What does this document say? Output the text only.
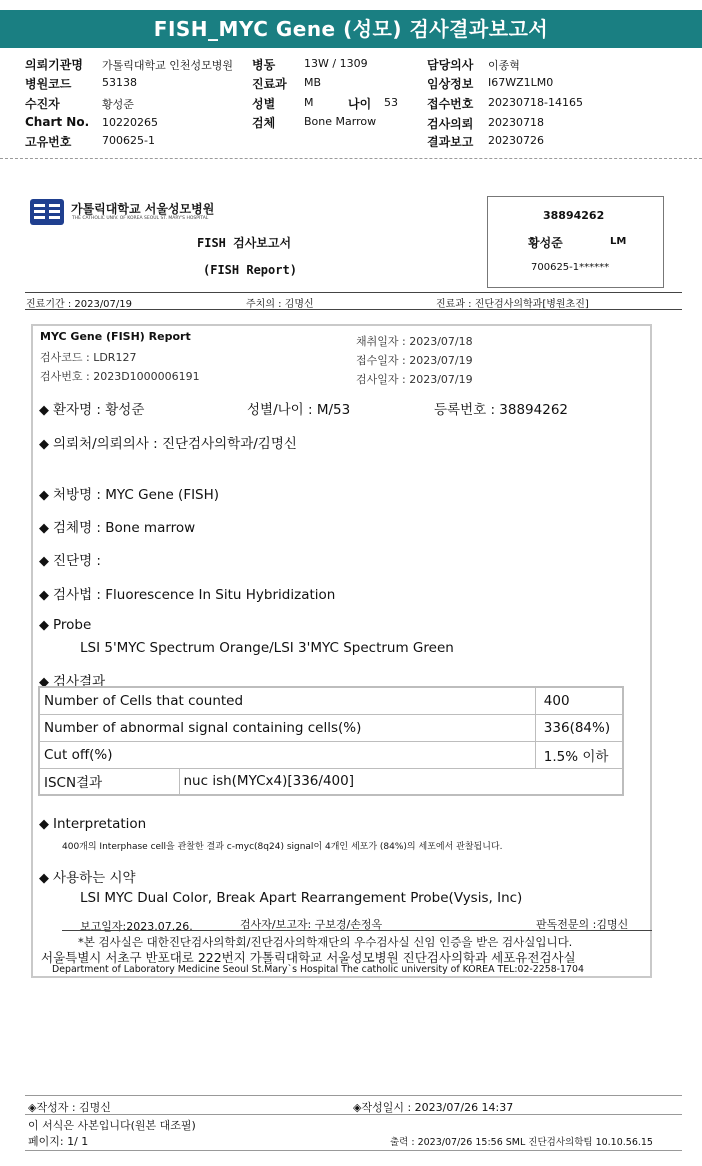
FISH_MYC Gene (성모) 검사결과보고서
의뢰기관명 가톨릭대학교 인천성모병원 병동	13W / 1309	담당의사 이종혁
병원코드	53138	진료과 MB	임상정보 I67WZ1LM0
수진자	황성준	성별	M	나이 53 접수번호 20230718-14165
Chart No. 10220265	검체	Bone Marrow	검사의뢰 20230718
고유번호	700625-1	결과보고 20230726
가톨릭대학교 서울성모병원
THE CATHOLIC UNIV. OF KOREA SEOUL ST. MARY'S HOSPITAL
FISH 검사보고서
(FISH Report)
38894262
황성준	LM
700625-1******
진료기간 : 2023/07/19	주치의 : 김명신	진료과 : 진단검사의학과[병원초진]
MYC Gene (FISH) Report
검사코드 : LDR127
검사번호 : 2023D1000006191
채취일자 : 2023/07/18
접수일자 : 2023/07/19
검사일자 : 2023/07/19
◆ 환자명 : 황성준	성별/나이 : M/53	등록번호 : 38894262
◆ 의뢰처/의뢰의사 : 진단검사의학과/김명신
◆ 처방명 : MYC Gene (FISH)
◆ 검체명 : Bone marrow
◆ 진단명 :
◆ 검사법 : Fluorescence In Situ Hybridization
◆ Probe
LSI 5'MYC Spectrum Orange/LSI 3'MYC Spectrum Green
◆ 검사결과
Number of Cells that counted		400
Number of abnormal signal containing cells(%)		336(84%)
Cut off(%)		1.5% 이하
ISCN결과	nuc ish(MYCx4)[336/400]	
◆ Interpretation
400개의 Interphase cell을 관찰한 결과 c-myc(8q24) signal이 4개인 세포가 (84%)의 세포에서 관찰됩니다.
◆ 사용하는 시약
LSI MYC Dual Color, Break Apart Rearrangement Probe(Vysis, Inc)
보고일자:2023.07.26.	검사자/보고자: 구보경/손정옥	판독전문의 :김명신
*본 검사실은 대한진단검사의학회/진단검사의학재단의 우수검사실 신임 인증을 받은 검사실입니다.
서울특별시 서초구 반포대로 222번지 가톨릭대학교 서울성모병원 진단검사의학과 세포유전검사실
Department of Laboratory Medicine Seoul St.Mary`s Hospital The catholic university of KOREA TEL:02-2258-1704
◈작성자 : 김명신	◈작성일시 : 2023/07/26 14:37
이 서식은 사본입니다(원본 대조필)
페이지: 1/ 1	출력 : 2023/07/26 15:56 SML 진단검사의학팀 10.10.56.15
